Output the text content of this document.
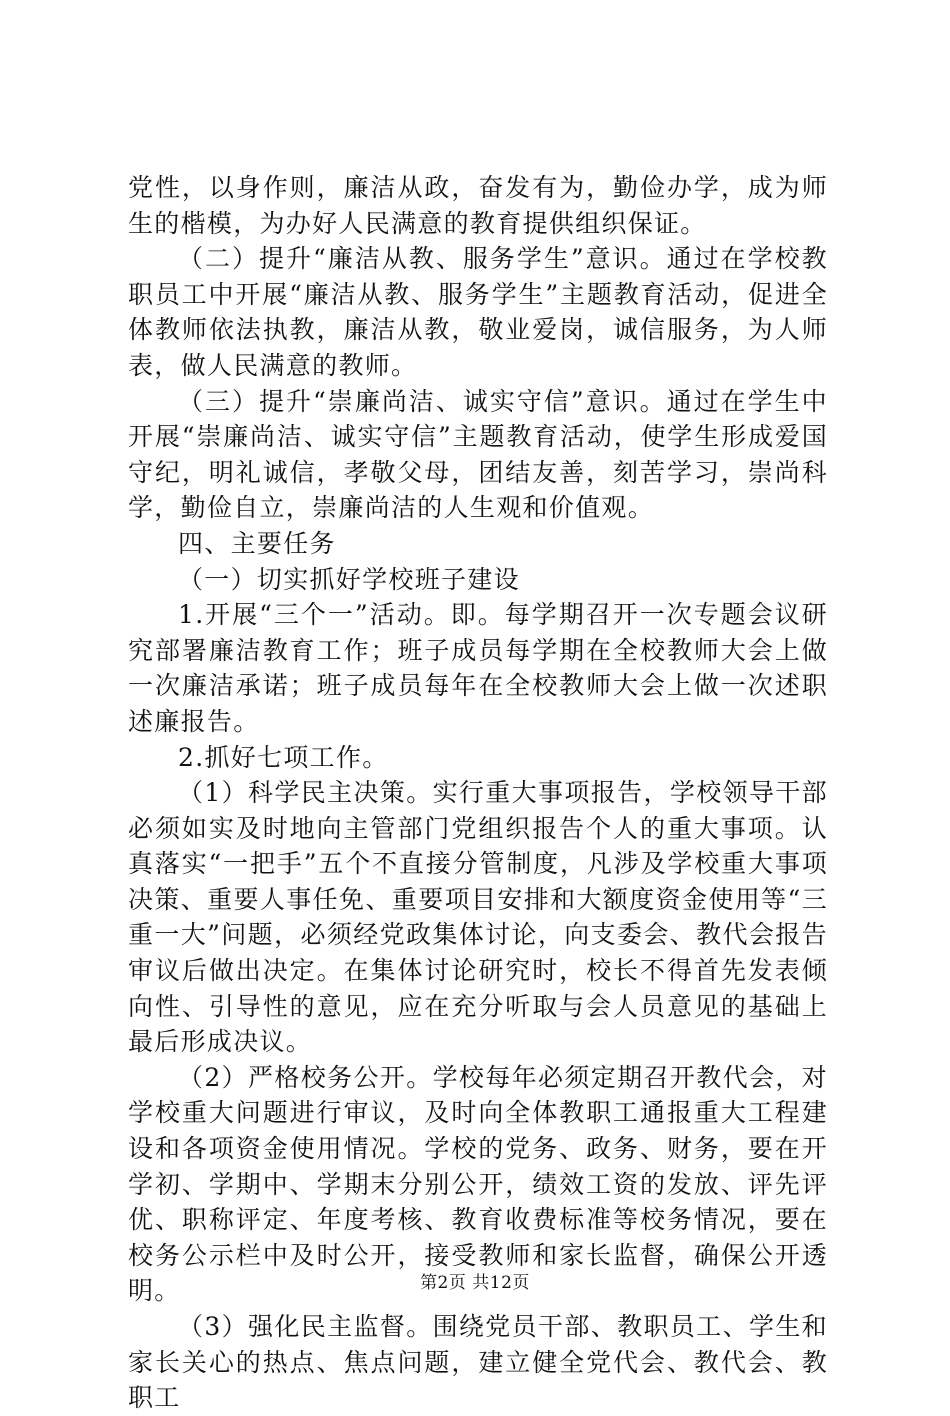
党性，以身作则，廉洁从政，奋发有为，勤俭办学，成为师生的楷模，为办好人民满意的教育提供组织保证。

（二）提升“廉洁从教、服务学生”意识。通过在学校教职员工中开展“廉洁从教、服务学生”主题教育活动，促进全体教师依法执教，廉洁从教，敬业爱岗，诚信服务，为人师表，做人民满意的教师。

（三）提升“崇廉尚洁、诚实守信”意识。通过在学生中开展“崇廉尚洁、诚实守信”主题教育活动，使学生形成爱国守纪，明礼诚信，孝敬父母，团结友善，刻苦学习，崇尚科学，勤俭自立，崇廉尚洁的人生观和价值观。

四、主要任务

（一）切实抓好学校班子建设

1.开展“三个一”活动。即。每学期召开一次专题会议研究部署廉洁教育工作；班子成员每学期在全校教师大会上做一次廉洁承诺；班子成员每年在全校教师大会上做一次述职述廉报告。

2.抓好七项工作。

（1）科学民主决策。实行重大事项报告，学校领导干部必须如实及时地向主管部门党组织报告个人的重大事项。认真落实“一把手”五个不直接分管制度，凡涉及学校重大事项决策、重要人事任免、重要项目安排和大额度资金使用等“三重一大”问题，必须经党政集体讨论，向支委会、教代会报告审议后做出决定。在集体讨论研究时，校长不得首先发表倾向性、引导性的意见，应在充分听取与会人员意见的基础上最后形成决议。

（2）严格校务公开。学校每年必须定期召开教代会，对学校重大问题进行审议，及时向全体教职工通报重大工程建设和各项资金使用情况。学校的党务、政务、财务，要在开学初、学期中、学期末分别公开，绩效工资的发放、评先评优、职称评定、年度考核、教育收费标准等校务情况，要在校务公示栏中及时公开，接受教师和家长监督，确保公开透明。

（3）强化民主监督。围绕党员干部、教职员工、学生和家长关心的热点、焦点问题，建立健全党代会、教代会、教职工

第2页 共12页
